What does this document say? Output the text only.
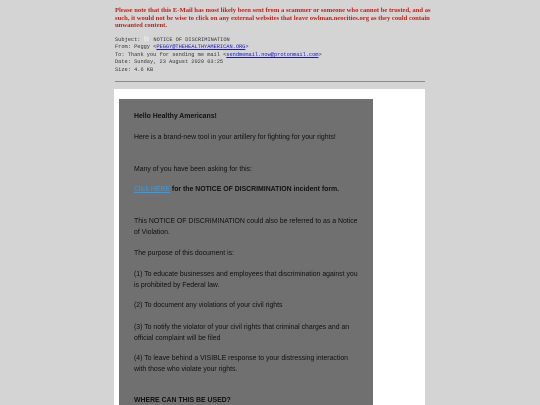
Please note that this E-Mail has most likely been sent from a scammer or someone who cannot be trusted, and as such, it would not be wise to click on any external websites that leave owlman.neocities.org as they could contain unwanted content.
Subject: ⬜️ NOTICE OF DISCRIMINATION
From: Peggy <PEGGY@THEHEALTHYAMERICAN.ORG>
To: Thank you for sending me mail <sendmemail.now@protonmail.com>
Date: Sunday, 23 August 2020 03:25
Size: 4.6 KB
Hello Healthy Americans!
Here is a brand-new tool in your artillery for fighting for your rights!
Many of you have been asking for this:
Click HERE for the NOTICE OF DISCRIMINATION incident form.
This NOTICE OF DISCRIMINATION could also be referred to as a Notice of Violation.
The purpose of this document is:
(1) To educate businesses and employees that discrimination against you is prohibited by Federal law.
(2) To document any violations of your civil rights
(3) To notify the violator of your civil rights that criminal charges and an official complaint will be filed
(4) To leave behind a VISIBLE response to your distressing interaction with those who violate your rights.
WHERE CAN THIS BE USED?
